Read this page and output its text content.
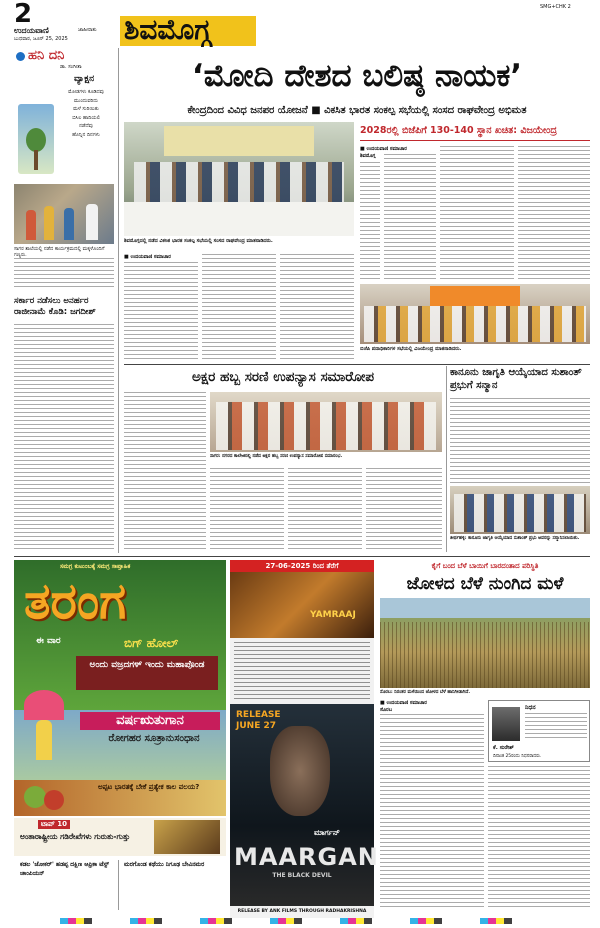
2
ಉದಯವಾಣಿ	ಜಾಹೀರಾತು
ಬುಧವಾರ, ಜೂನ್ 25, 2025 ಶಿವಮೊಗ್ಗ
SMG+CHK 2
ಹನಿ ದನಿ
ಡಾ. ಸಂಗೀತಾ
ವ್ಯಾಕ್ಷನ
ಮೋಡಗಳು ಕೂಡಿದವು
ಮುಂದುವರಿದು
ಮಳೆ ಸುರಿಯಿತು
ಬಿಸಿಲ ಹಾದಿಯಲಿ
ನಡೆದೆವು
ಹೊನ್ನಿನ ದಿನಗಳು
ಸಾಗರ ಶಾಲೆಯಲ್ಲಿ ನಡೆದ ಕಾರ್ಯಕ್ರಮದಲ್ಲಿ ಮಕ್ಕಳೊಂದಿಗೆ ಗಣ್ಯರು.
ಸರ್ಕಾರ ನಡೆಸಲು ಅನರ್ಹರ ರಾಜೀನಾಮೆ ಕೊಡಿ: ಜಗದೀಶ್
‘ಮೋದಿ ದೇಶದ ಬಲಿಷ್ಠ ನಾಯಕ’
ಕೇಂದ್ರದಿಂದ ವಿವಿಧ ಜನಪರ ಯೋಜನೆ ■ ವಿಕಸಿತ ಭಾರತ ಸಂಕಲ್ಪ ಸಭೆಯಲ್ಲಿ ಸಂಸದ ರಾಘವೇಂದ್ರ ಅಭಿಮತ
ಶಿವಮೊಗ್ಗದಲ್ಲಿ ನಡೆದ ವಿಕಸಿತ ಭಾರತ ಸಂಕಲ್ಪ ಸಭೆಯಲ್ಲಿ ಸಂಸದ ರಾಘವೇಂದ್ರ ಮಾತನಾಡಿದರು.
2028ರಲ್ಲಿ ಬಿಜೆಪಿಗೆ 130-140 ಸ್ಥಾನ ಖಚಿತ: ವಿಜಯೇಂದ್ರ
■ ಉದಯವಾಣಿ ಸಮಾಚಾರ
■ ಉದಯವಾಣಿ ಸಮಾಚಾರ
ಶಿವಮೊಗ್ಗ
ಬಿಜೆಪಿ ಪದಾಧಿಕಾರಿಗಳ ಸಭೆಯಲ್ಲಿ ವಿಜಯೇಂದ್ರ ಮಾತನಾಡಿದರು.
ಅಕ್ಷರ ಹಬ್ಬ ಸರಣಿ ಉಪನ್ಯಾಸ ಸಮಾರೋಪ
ಸಾಗರ: ನಗರದ ಕಾಲೇಜಿನಲ್ಲಿ ನಡೆದ ಅಕ್ಷರ ಹಬ್ಬ ಸರಣಿ ಉಪನ್ಯಾಸ ಸಮಾರೋಪ ಸಮಾರಂಭ.
ಕಾನೂನು ಜಾಗೃತಿ ಆಯ್ಕೆಯಾದ ಸುಶಾಂತ್ ಪ್ರಭುಗೆ ಸನ್ಮಾನ
ತೀರ್ಥಹಳ್ಳಿ: ಕಾನೂನು ಜಾಗೃತಿ ಆಯ್ಕೆಯಾದ ಸುಶಾಂತ್ ಪ್ರಭು ಅವರನ್ನು ಸನ್ಮಾನಿಸಲಾಯಿತು.
ಸಮಗ್ರ ಕುಟುಂಬಕ್ಕೆ ಸಮಗ್ರ ಸಾಪ್ತಾಹಿಕ
ತರಂಗ
ಈ ವಾರ	ಬಿಗ್ ಹೋಲ್
ಅಂದು ವಜ್ರದಗಳ್ ಇಂದು ಮಹಾಪೊಂಡ
ವರ್ಷಋತುಗಾನ
ರೋಗಹರ ಸೂತ್ರಾನುಸಂಧಾನ
ಅಪ್ಪಟ ಭಾರತಕ್ಕೆ ಬೇಕೆ ಪ್ರತ್ಯೇಕ ಕಾಲ ವಲಯ?
ಟಾಪ್ 10
ಅಂತಾರಾಷ್ಟ್ರೀಯ ಗಡಿರೇಖೆಗಳು ಗುರುತು-ಗುತ್ತು
ಕಡಲ 'ಜೋಕರ್' ಹಡಪ್ಪ ದಕ್ಷಿಣ ಆಫ್ರಿಕಾ ಟೆಸ್ಟ್ ಚಾಂಪಿಯನ್
ಮರಗೊಂಡ ಕಥೆಯು ನಿಗೂಢ ಬೇವಿನಮರ
27-06-2025 ರಿಂದ ತೆರೆಗೆ
YAMRAAJ
RELEASE JUNE 27
ಮಾರ್ಗನ್
MAARGAN
THE BLACK DEVIL
RELEASE BY ANK FILMS THROUGH RADHAKRISHNA
ಕೈಗೆ ಬಂದ ಬೆಳೆ ಬಾಯಿಗೆ ಬಾರದಂತಾದ ಪರಿಸ್ಥಿತಿ
ಜೋಳದ ಬೆಳೆ ನುಂಗಿದ ಮಳೆ
ಸೊರಬ: ನಿರಂತರ ಮಳೆಯಿಂದ ಜೋಳದ ಬೆಳೆ ಹಾನಿಗೀಡಾಗಿದೆ.
■ ಉದಯವಾಣಿ ಸಮಾಚಾರ
ಸೊರಬ	ನಿಧನ
ಕೆ. ಸುರೇಶ್
ದಿನಾಂಕ 25ರಂದು ನಿಧನರಾದರು.
